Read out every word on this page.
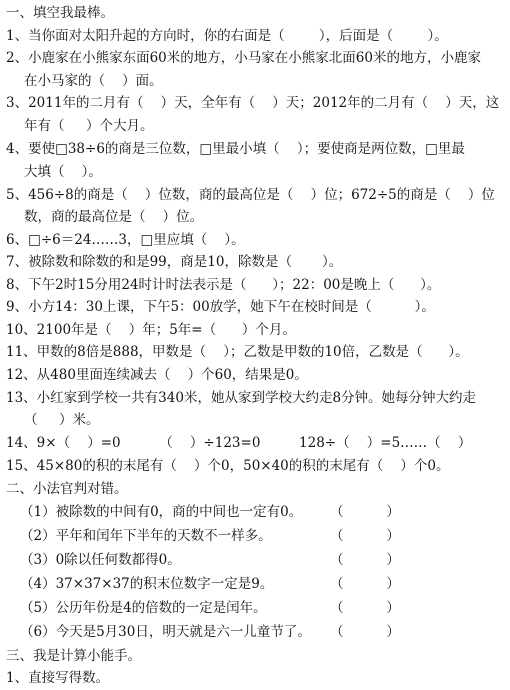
一、填空我最棒。
1、当你面对太阳升起的方向时，你的右面是（        ），后面是（        ）。
2、小鹿家在小熊家东面60米的地方，小马家在小熊家北面60米的地方，小鹿家
在小马家的（    ）面。
3、2011年的二月有（    ）天，全年有（    ）天；2012年的二月有（    ）天，这
年有（     ）个大月。
4、要使□38÷6的商是三位数，□里最小填（    ）；要使商是两位数，□里最
大填（    ）。
5、456÷8的商是（    ）位数，商的最高位是（    ）位；672÷5的商是（    ）位
数，商的最高位是（    ）位。
6、□÷6＝24……3，□里应填（    ）。
7、被除数和除数的和是99，商是10，除数是（       ）。
8、下午2时15分用24时计时法表示是（      ）；22：00是晚上（      ）。
9、小方14：30上课，下午5：00放学，她下午在校时间是（          ）。
10、2100年是（    ）年；5年=（      ）个月。
11、甲数的8倍是888，甲数是（    ）；乙数是甲数的10倍，乙数是（      ）。
12、从480里面连续减去（    ）个60，结果是0。
13、小红家到学校一共有340米，她从家到学校大约走8分钟。她每分钟大约走
（     ）米。
14、9×（    ）=0         （    ）÷123=0         128÷（    ）=5……（    ）
15、45×80的积的末尾有（    ）个0，50×40的积的末尾有（    ）个0。
二、小法官判对错。
（1）被除数的中间有0，商的中间也一定有0。 （          ）
（2）平年和闰年下半年的天数不一样多。	（          ）
（3）0除以任何数都得0。	（          ）
（4）37×37×37的积末位数字一定是9。	（          ）
（5）公历年份是4的倍数的一定是闰年。	（          ）
（6）今天是5月30日，明天就是六一儿童节了。 （          ）
三、我是计算小能手。
1、直接写得数。
